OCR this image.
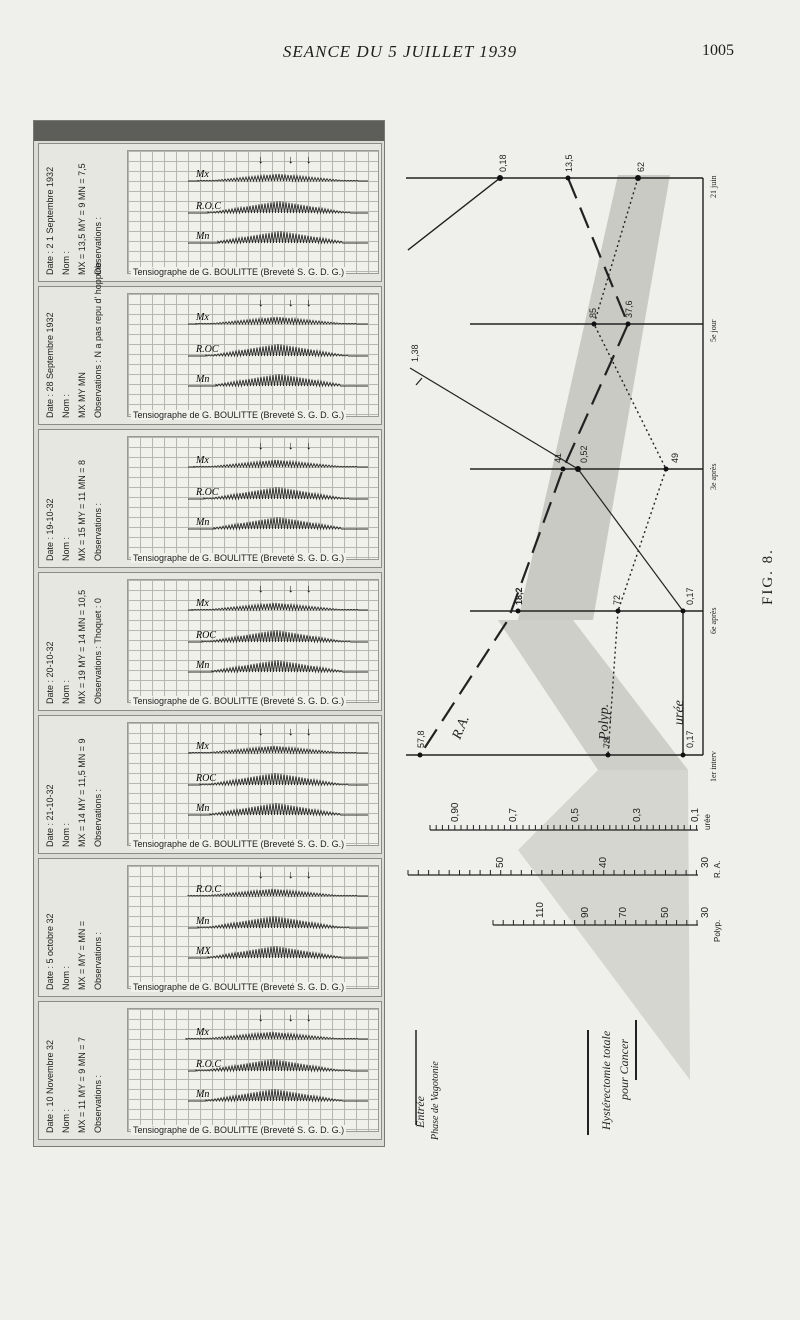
SEANCE DU 5 JUILLET 1939	1005
Date : 2 1 Septembre 1932 Nom : MX = 13,5 MY = 9 MN = 7,5 Observations :
Mx
R.O.C
Mn
↓ ↓ ↓
Tensiographe de G. BOULITTE (Breveté S. G. D. G.)
Date : 28 Septembre 1932 Nom : MX MY MN Observations : N a pas repu d' hoppine	Mx
R.OC
Mn
↓ ↓ ↓
Tensiographe de G. BOULITTE (Breveté S. G. D. G.)
Date : 19-10-32 Nom : MX = 15 MY = 11 MN = 8 Observations :
Mx
R.OC
Mn
↓ ↓ ↓
Tensiographe de G. BOULITTE (Breveté S. G. D. G.)
Date : 20-10-32 Nom : MX = 19 MY = 14 MN = 10,5 Observations : Thoquet : 0	Mx
ROC
Mn
↓ ↓ ↓
Tensiographe de G. BOULITTE (Breveté S. G. D. G.)
Date : 21-10-32 Nom : MX = 14 MY = 11,5 MN = 9 Observations :
Mx
ROC
Mn
↓ ↓ ↓
Tensiographe de G. BOULITTE (Breveté S. G. D. G.)
Date : 5 octobre 32 Nom : MX = MY = MN = Observations :
R.O.C
Mn
MX
↓ ↓ ↓
Tensiographe de G. BOULITTE (Breveté S. G. D. G.)
Date : 10 Novembre 32 Nom : MX = 11 MY = 9 MN = 7 Observations :
Mx
R.O.C
Mn
↓ ↓ ↓
Tensiographe de G. BOULITTE (Breveté S. G. D. G.)
0,18	13,5	62
85	37,6
41 0,52	49
18,2	72	0,17
57,8	78	0,17
1,38
21 juin
5e jour
3e après
6e après
1er interv
R.A.	Polyp.	urée
0,90	0,7	0,5	0,3	0,1 urée
50	40	30 R. A.
110	90	70	50	30
Polyp.
Entrée Phase de Vagotonie	Hystérectomie totale pour Cancer
FIG. 8.
